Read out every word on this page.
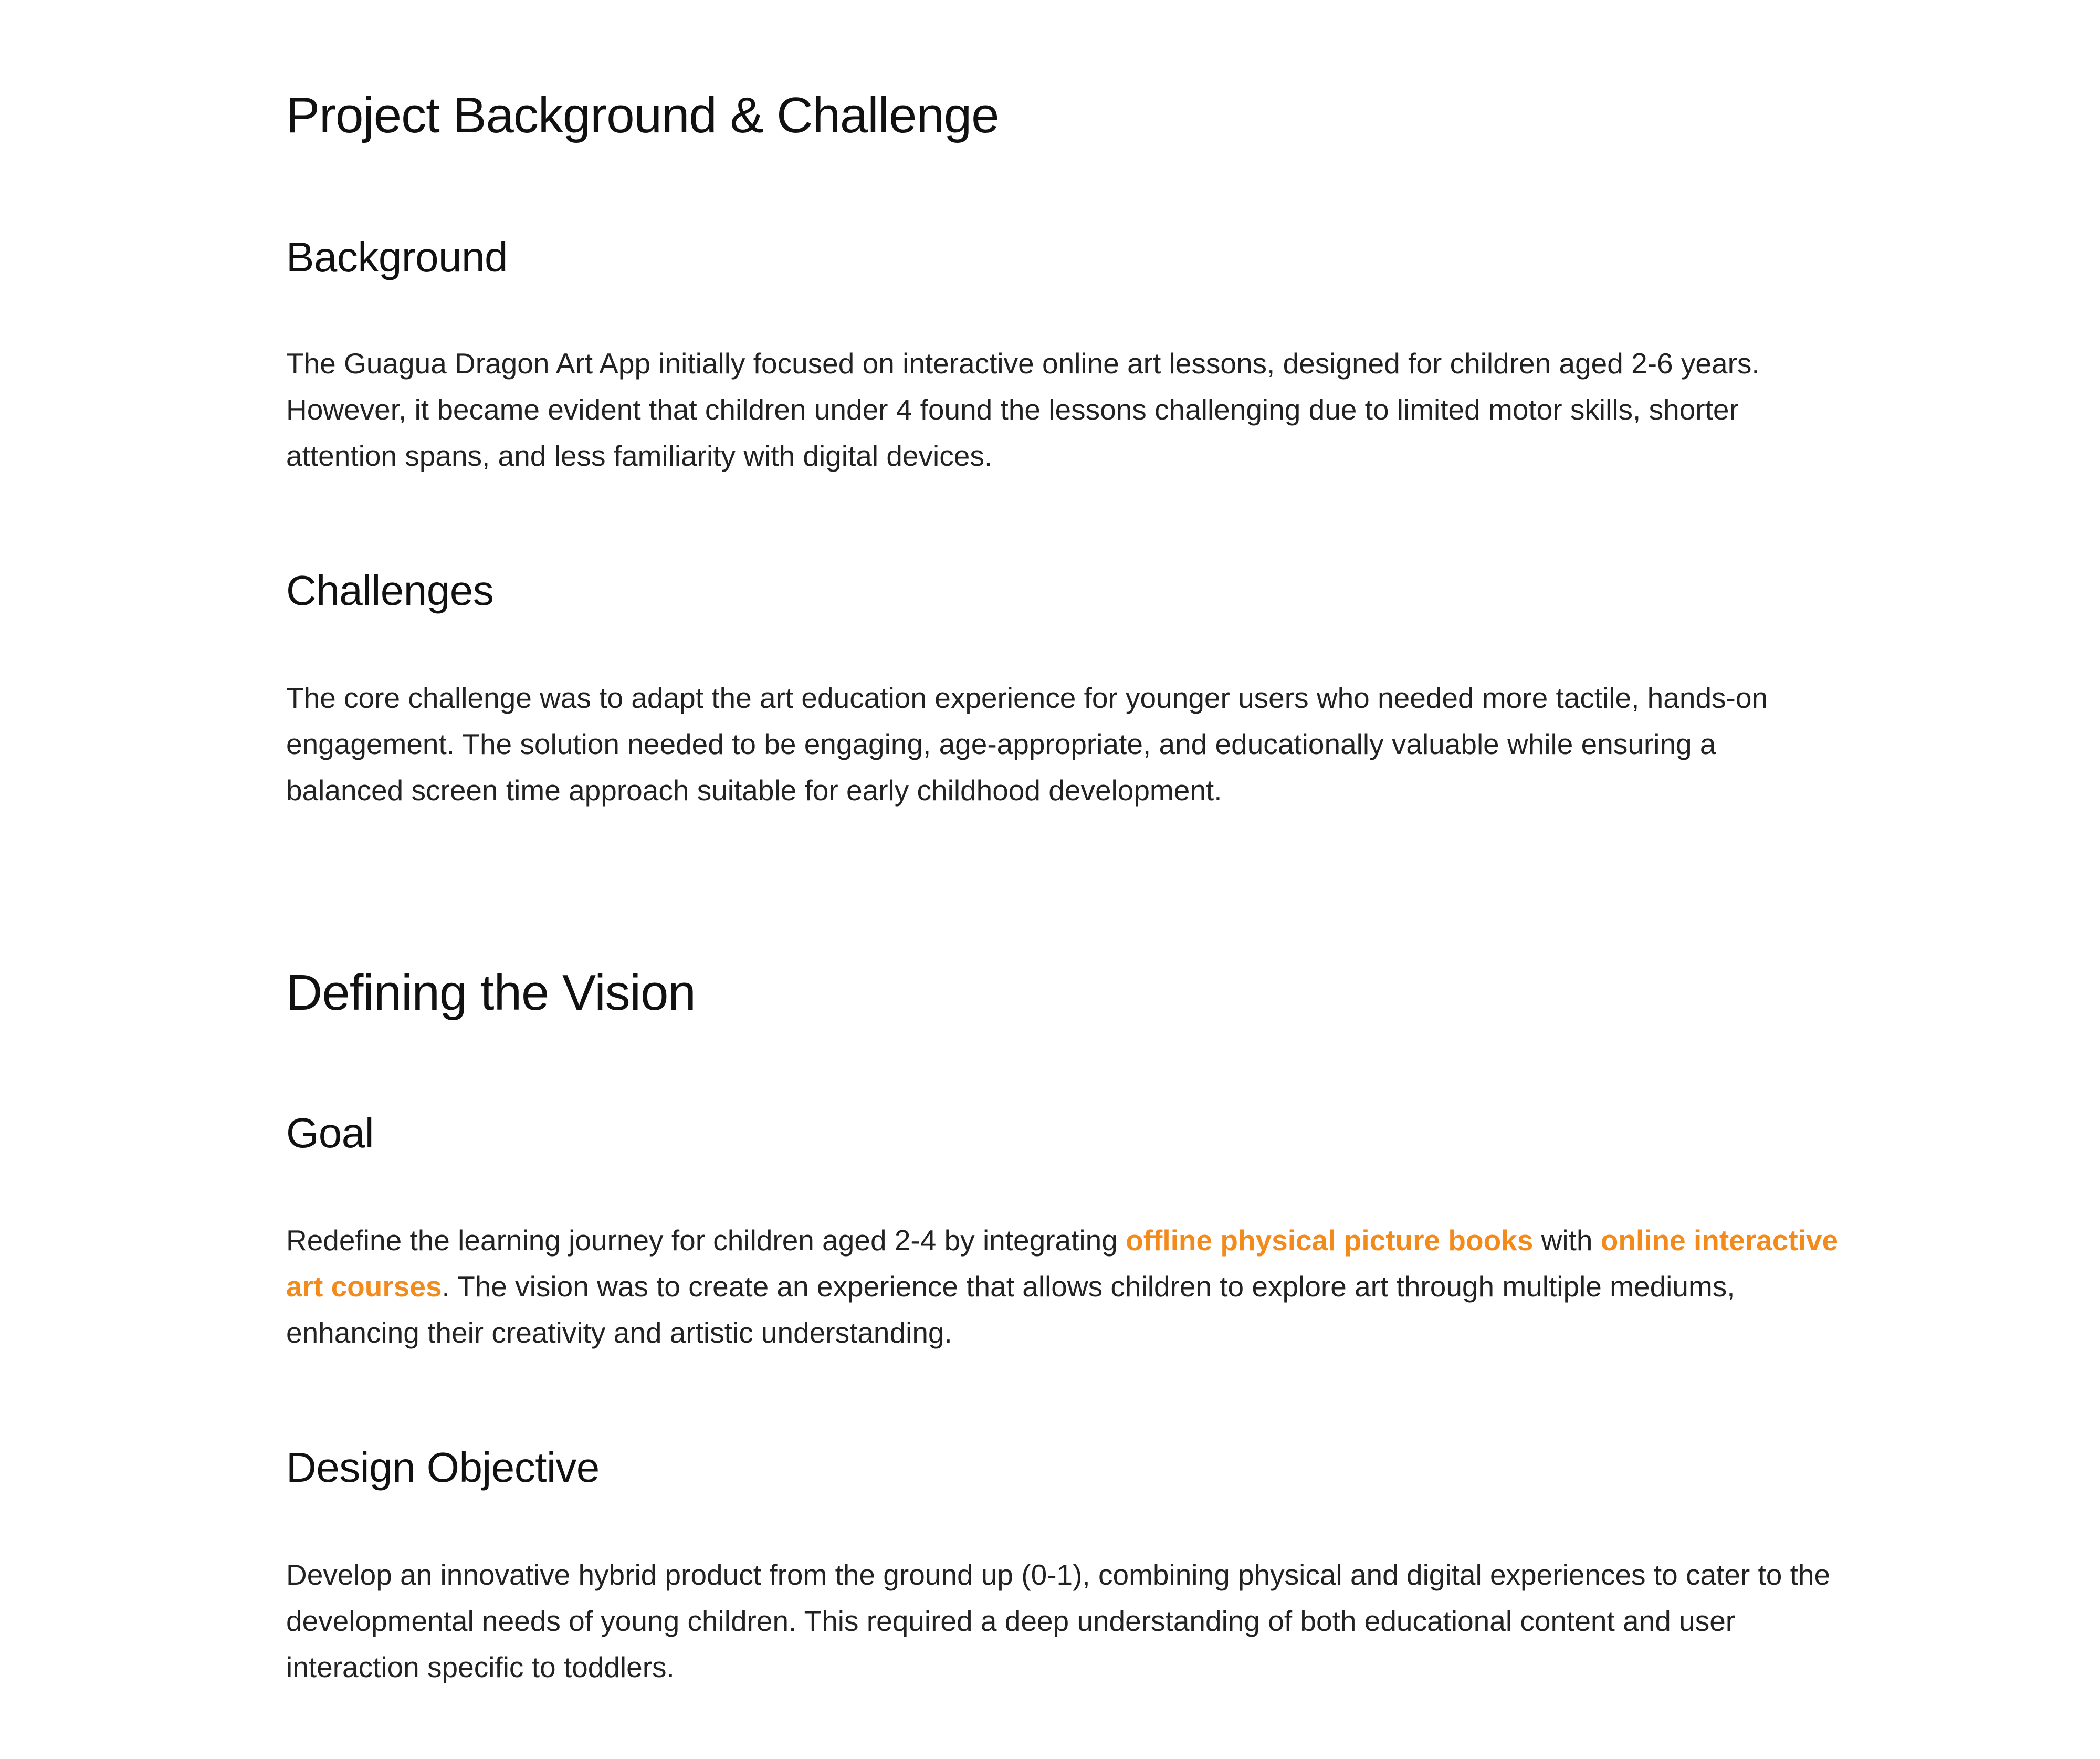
Project Background & Challenge
Background

The Guagua Dragon Art App initially focused on interactive online art lessons, designed for children aged 2-6 years. However, it became evident that children under 4 found the lessons challenging due to limited motor skills, shorter attention spans, and less familiarity with digital devices.

Challenges

The core challenge was to adapt the art education experience for younger users who needed more tactile, hands-on engagement. The solution needed to be engaging, age-appropriate, and educationally valuable while ensuring a balanced screen time approach suitable for early childhood development.

Defining the Vision
Goal

Redefine the learning journey for children aged 2-4 by integrating offline physical picture books with online interactive art courses. The vision was to create an experience that allows children to explore art through multiple mediums, enhancing their creativity and artistic understanding.

Design Objective

Develop an innovative hybrid product from the ground up (0-1), combining physical and digital experiences to cater to the developmental needs of young children. This required a deep understanding of both educational content and user interaction specific to toddlers.
